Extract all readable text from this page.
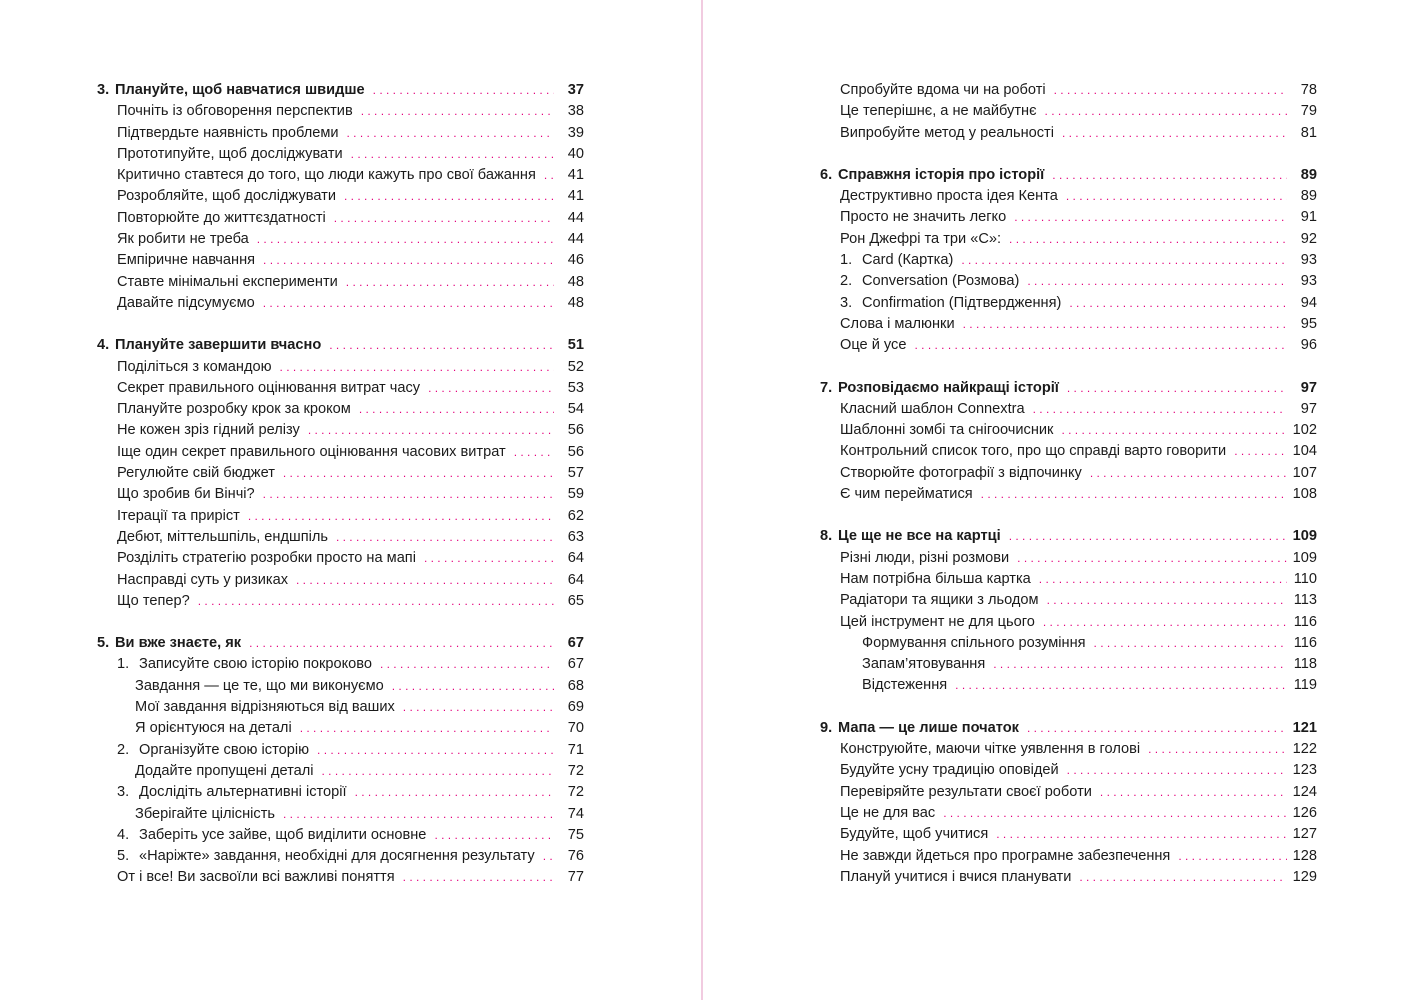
3. Плануйте, щоб навчатися швидше . . .	37
Почніть із обговорення перспектив . . .	38
Підтвердьте наявність проблеми . . .	39
Прототипуйте, щоб досліджувати . . .	40
Критично ставтеся до того, що люди кажуть про свої бажання . . .	41
Розробляйте, щоб досліджувати . . .	41
Повторюйте до життєздатності . . .	44
Як робити не треба . . .	44
Емпіричне навчання . . .	46
Ставте мінімальні експерименти . . .	48
Давайте підсумуємо . . .	48
4. Плануйте завершити вчасно . . .	51
Поділіться з командою . . .	52
Секрет правильного оцінювання витрат часу . . .	53
Плануйте розробку крок за кроком . . .	54
Не кожен зріз гідний релізу . . .	56
Іще один секрет правильного оцінювання часових витрат . . .	56
Регулюйте свій бюджет . . .	57
Що зробив би Вінчі? . . .	59
Ітерації та приріст . . .	62
Дебют, міттельшпіль, ендшпіль . . .	63
Розділіть стратегію розробки просто на мапі . . .	64
Насправді суть у ризиках . . .	64
Що тепер? . . .	65
5. Ви вже знаєте, як . . .	67
1. Записуйте свою історію покроково . . .	67
Завдання — це те, що ми виконуємо . . .	68
Мої завдання відрізняються від ваших . . .	69
Я орієнтуюся на деталі . . .	70
2. Організуйте свою історію . . .	71
Додайте пропущені деталі . . .	72
3. Дослідіть альтернативні історії . . .	72
Зберігайте цілісність . . .	74
4. Заберіть усе зайве, щоб виділити основне . . .	75
5. «Наріжте» завдання, необхідні для досягнення результату . . .	76
От і все! Ви засвоїли всі важливі поняття . . .	77
Спробуйте вдома чи на роботі . . .	78
Це теперішнє, а не майбутнє . . .	79
Випробуйте метод у реальності . . .	81
6. Справжня історія про історії . . .	89
Деструктивно проста ідея Кента . . .	89
Просто не значить легко . . .	91
Рон Джефрі та три «С»: . . .	92
1. Card (Картка) . . .	93
2. Conversation (Розмова) . . .	93
3. Confirmation (Підтвердження) . . .	94
Слова і малюнки . . .	95
Оце й усе . . .	96
7. Розповідаємо найкращі історії . . .	97
Класний шаблон Connextra . . .	97
Шаблонні зомбі та снігоочисник . . .	102
Контрольний список того, про що справді варто говорити . . .	104
Створюйте фотографії з відпочинку . . .	107
Є чим перейматися . . .	108
8. Це ще не все на картці . . .	109
Різні люди, різні розмови . . .	109
Нам потрібна більша картка . . .	110
Радіатори та ящики з льодом . . .	113
Цей інструмент не для цього . . .	116
Формування спільного розуміння . . .	116
Запам’ятовування . . .	118
Відстеження . . .	119
9. Мапа — це лише початок . . .	121
Конструюйте, маючи чітке уявлення в голові . . .	122
Будуйте усну традицію оповідей . . .	123
Перевіряйте результати своєї роботи . . .	124
Це не для вас . . .	126
Будуйте, щоб учитися . . .	127
Не завжди йдеться про програмне забезпечення . . .	128
Плануй учитися і вчися планувати . . .	129
